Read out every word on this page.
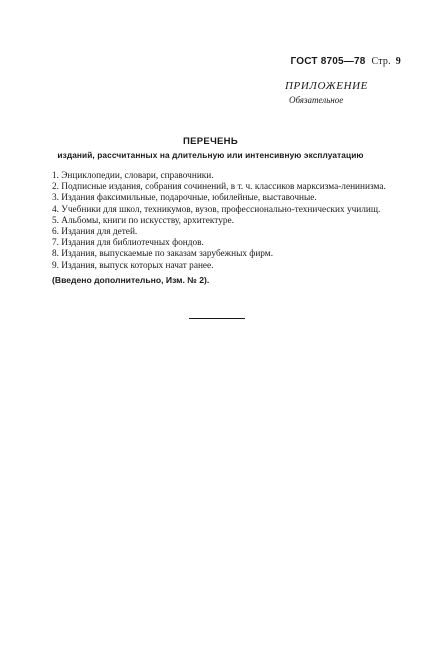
ГОСТ 8705—78 Стр. 9
ПРИЛОЖЕНИЕ
Обязательное
ПЕРЕЧЕНЬ
изданий, рассчитанных на длительную или интенсивную эксплуатацию
1. Энциклопедии, словари, справочники.
2. Подписные издания, собрания сочинений, в т. ч. классиков марксизма-ленинизма.
3. Издания факсимильные, подарочные, юбилейные, выставочные.
4. Учебники для школ, техникумов, вузов, профессионально-технических училищ.
5. Альбомы, книги по искусству, архитектуре.
6. Издания для детей.
7. Издания для библиотечных фондов.
8. Издания, выпускаемые по заказам зарубежных фирм.
9. Издания, выпуск которых начат ранее.
(Введено дополнительно, Изм. № 2).
